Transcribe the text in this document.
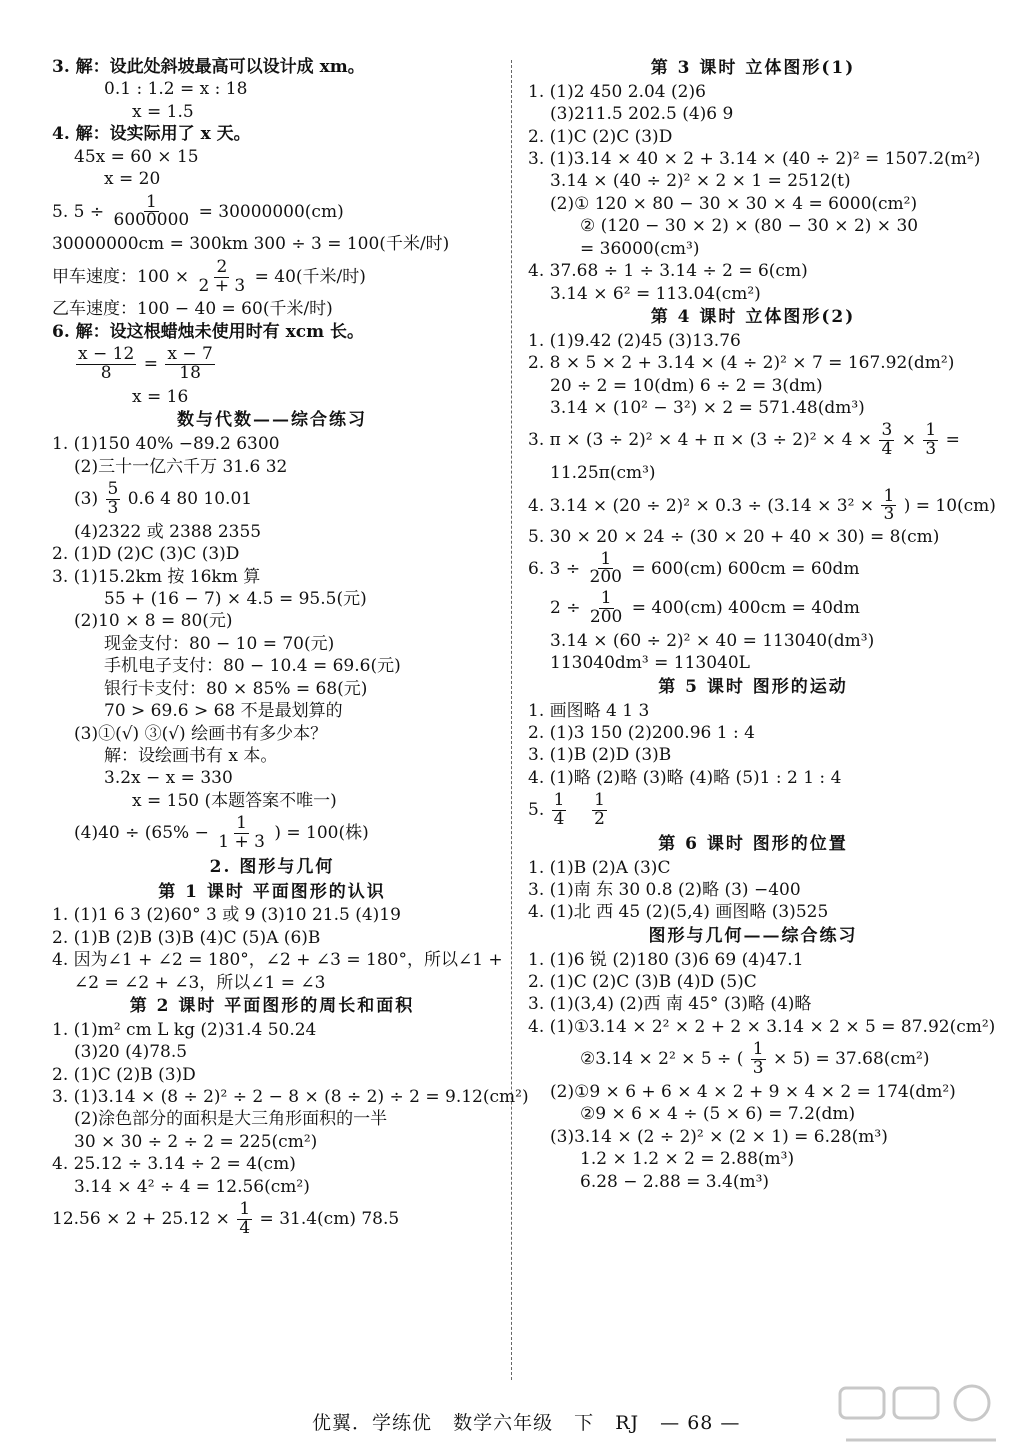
3. 解：设此处斜坡最高可以设计成 xm。

0.1 : 1.2 = x : 18

x = 1.5

4. 解：设实际用了 x 天。

45x = 60 × 15

x = 20

5. $5 \div \frac{1}{6000000} = 30000000(cm)$

30000000cm = 300km 300 ÷ 3 = 100(千米/时)

甲车速度：$100 \times \frac{2}{2 + 3} = 40$(千米/时)

乙车速度：100 − 40 = 60(千米/时)

6. 解：设这根蜡烛未使用时有 xcm 长。

$\frac{x - 12}{8} = \frac{x - 7}{18}$

x = 16

数与代数——综合练习

1. (1)150 40% −89.2 6300

(2)三十一亿六千万 31.6 32

$(3) \frac{5}{3} 0.6$ 4 80 10.01

(4)2322 或 2388 2355

2. (1)D (2)C (3)C (3)D

3. (1)15.2km 按 16km 算

55 + (16 − 7) × 4.5 = 95.5(元)

(2)10 × 8 = 80(元)

现金支付：80 − 10 = 70(元)

手机电子支付：80 − 10.4 = 69.6(元)

银行卡支付：80 × 85% = 68(元)

70 > 69.6 > 68 不是最划算的

(3)①(√) ③(√) 绘画书有多少本？

解：设绘画书有 x 本。

3.2x − x = 330

x = 150 (本题答案不唯一)

$(4)40 \div (65\% - \frac{1}{1 + 3}$ ) = 100(株)

2. 图形与几何
第 1 课时 平面图形的认识

1. (1)1 6 3 (2)60° 3 或 9 (3)10 21.5 (4)19

2. (1)B (2)B (3)B (4)C (5)A (6)B

4. 因为∠1 + ∠2 = 180°，∠2 + ∠3 = 180°，所以∠1 +

∠2 = ∠2 + ∠3，所以∠1 = ∠3

第 2 课时 平面图形的周长和面积

1. (1)m² cm L kg (2)31.4 50.24

(3)20 (4)78.5

2. (1)C (2)B (3)D

3. (1)3.14 × (8 ÷ 2)² ÷ 2 − 8 × (8 ÷ 2) ÷ 2 = 9.12(cm²)

(2)涂色部分的面积是大三角形面积的一半

30 × 30 ÷ 2 ÷ 2 = 225(cm²)

4. 25.12 ÷ 3.14 ÷ 2 = 4(cm)

3.14 × 4² ÷ 4 = 12.56(cm²)

$12.56 \times 2 + 25.12 \times \frac{1}{4} = 31.4(cm)$ 78.5

第 3 课时 立体图形(1)

1. (1)2 450 2.04 (2)6

(3)211.5 202.5 (4)6 9

2. (1)C (2)C (3)D

3. (1)3.14 × 40 × 2 + 3.14 × (40 ÷ 2)² = 1507.2(m²)

3.14 × (40 ÷ 2)² × 2 × 1 = 2512(t)

(2)① 120 × 80 − 30 × 30 × 4 = 6000(cm²)

② (120 − 30 × 2) × (80 − 30 × 2) × 30

= 36000(cm³)

4. 37.68 ÷ 1 ÷ 3.14 ÷ 2 = 6(cm)

3.14 × 6² = 113.04(cm²)

第 4 课时 立体图形(2)

1. (1)9.42 (2)45 (3)13.76

2. 8 × 5 × 2 + 3.14 × (4 ÷ 2)² × 7 = 167.92(dm²)

20 ÷ 2 = 10(dm) 6 ÷ 2 = 3(dm)

3.14 × (10² − 3²) × 2 = 571.48(dm³)

3. $\pi \times (3 \div 2)^2 \times 4 + \pi \times (3 \div 2)^2 \times 4 \times \frac{3}{4} \times \frac{1}{3}$ =

11.25π(cm³)

4. $3.14 \times (20 \div 2)^2 \times 0.3 \div (3.14 \times 3^2 \times \frac{1}{3}$ ) = 10(cm)

5. 30 × 20 × 24 ÷ (30 × 20 + 40 × 30) = 8(cm)

6. $3 \div \frac{1}{200} = 600(cm) 600cm = 60dm$

$2 \div \frac{1}{200} = 400(cm) 400cm = 40dm$

3.14 × (60 ÷ 2)² × 40 = 113040(dm³)

113040dm³ = 113040L

第 5 课时 图形的运动

1. 画图略 4 1 3

2. (1)3 150 (2)200.96 1 : 4

3. (1)B (2)D (3)B

4. (1)略 (2)略 (3)略 (4)略 (5)1 : 2 1 : 4

5. $\frac{1}{4}$
$\frac{1}{2}$

第 6 课时 图形的位置

1. (1)B (2)A (3)C

3. (1)南 东 30 0.8 (2)略 (3) −400

4. (1)北 西 45 (2)(5,4) 画图略 (3)525

图形与几何——综合练习

1. (1)6 锐 (2)180 (3)6 69 (4)47.1

2. (1)C (2)C (3)B (4)D (5)C

3. (1)(3,4) (2)西 南 45° (3)略 (4)略

4. (1)①3.14 × 2² × 2 + 2 × 3.14 × 2 × 5 = 87.92(cm²)

②3.14 × 2² × 5 ÷ ( $\frac{1}{3} \times 5) = 37.68(cm^2)$

(2)①9 × 6 + 6 × 4 × 2 + 9 × 4 × 2 = 174(dm²)

②9 × 6 × 4 ÷ (5 × 6) = 7.2(dm)

(3)3.14 × (2 ÷ 2)² × (2 × 1) = 6.28(m³)

1.2 × 1.2 × 2 = 2.88(m³)

6.28 − 2.88 = 3.4(m³)

优翼．学练优 数学六年级 下 RJ — 68 —
